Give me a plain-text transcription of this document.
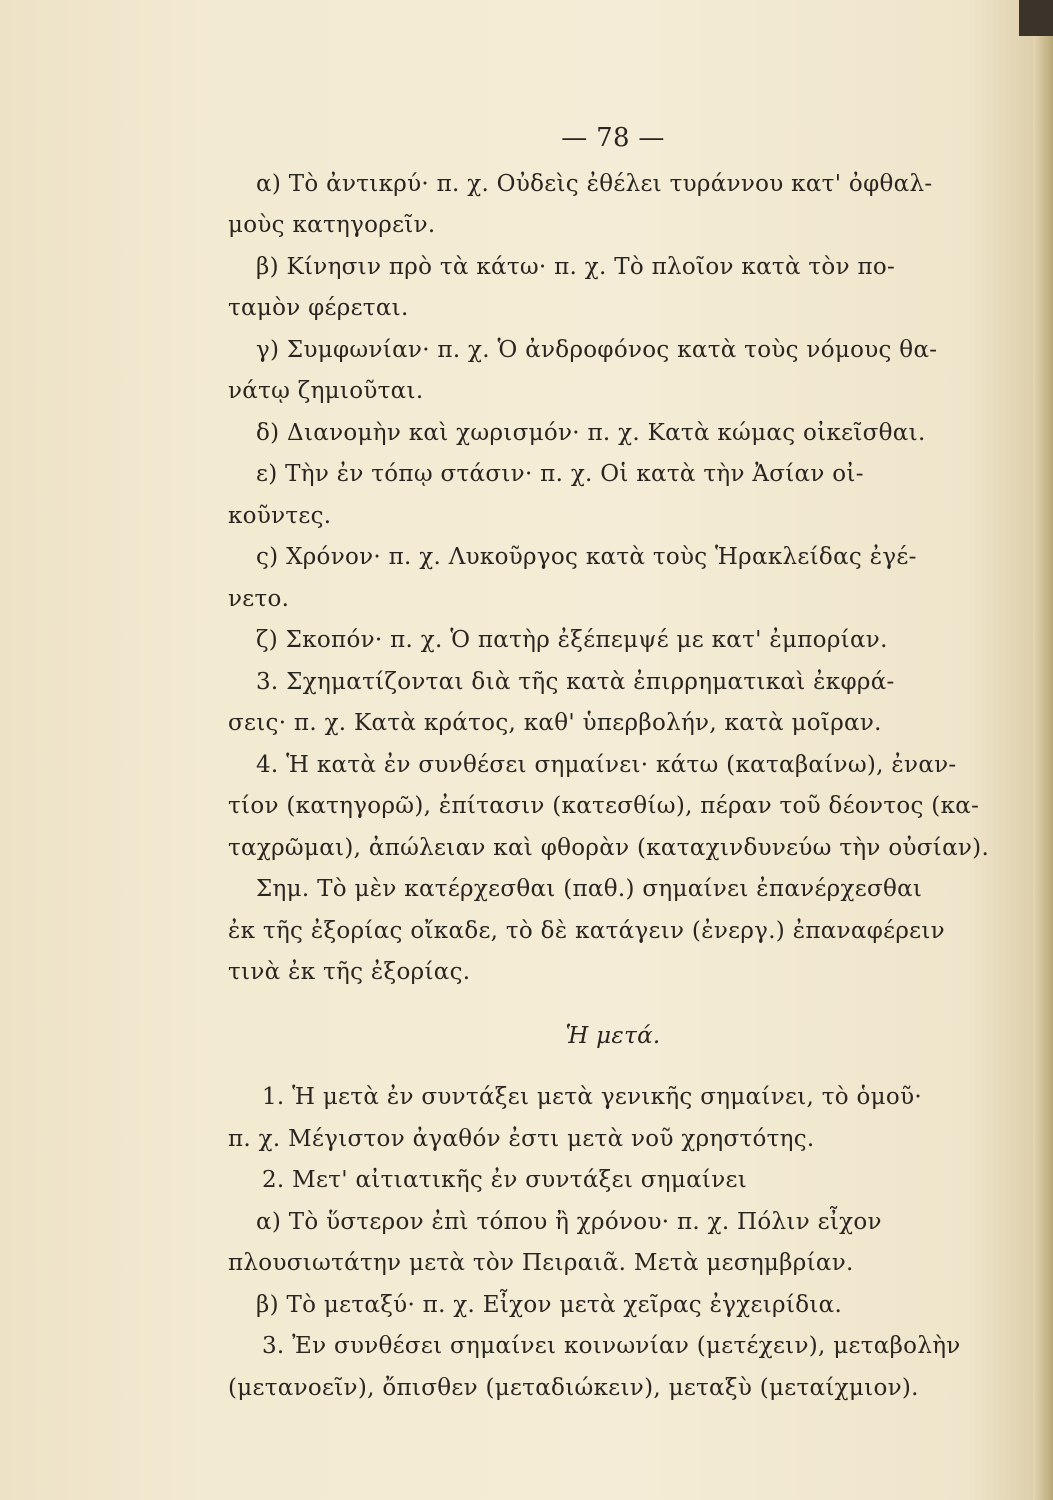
— 78 —
α) Τὸ ἀντικρύ· π. χ. Οὐδεὶς ἐθέλει τυράννου κατ' ὀφθαλ-
μοὺς κατηγορεῖν.
β) Κίνησιν πρὸ τὰ κάτω· π. χ. Τὸ πλοῖον κατὰ τὸν πο-
ταμὸν φέρεται.
γ) Συμφωνίαν· π. χ. Ὁ ἀνδροφόνος κατὰ τοὺς νόμους θα-
νάτῳ ζημιοῦται.
δ) Διανομὴν καὶ χωρισμόν· π. χ. Κατὰ κώμας οἰκεῖσθαι.
ε) Τὴν ἐν τόπῳ στάσιν· π. χ. Οἱ κατὰ τὴν Ἀσίαν οἰ-
κοῦντες.
ς) Χρόνον· π. χ. Λυκοῦργος κατὰ τοὺς Ἡρακλείδας ἐγέ-
νετο.
ζ) Σκοπόν· π. χ. Ὁ πατὴρ ἐξέπεμψέ με κατ' ἐμπορίαν.
3. Σχηματίζονται διὰ τῆς κατὰ ἐπιρρηματικαὶ ἐκφρά-
σεις· π. χ. Κατὰ κράτος, καθ' ὑπερβολήν, κατὰ μοῖραν.
4. Ἡ κατὰ ἐν συνθέσει σημαίνει· κάτω (καταβαίνω), ἐναν-
τίον (κατηγορῶ), ἐπίτασιν (κατεσθίω), πέραν τοῦ δέοντος (κα-
ταχρῶμαι), ἀπώλειαν καὶ φθορὰν (καταχινδυνεύω τὴν οὐσίαν).
Σημ. Τὸ μὲν κατέρχεσθαι (παθ.) σημαίνει ἐπανέρχεσθαι
ἐκ τῆς ἐξορίας οἴκαδε, τὸ δὲ κατάγειν (ἐνεργ.) ἐπαναφέρειν
τινὰ ἐκ τῆς ἐξορίας.
Ἡ μετά.
1. Ἡ μετὰ ἐν συντάξει μετὰ γενικῆς σημαίνει, τὸ ὁμοῦ·
π. χ. Μέγιστον ἀγαθόν ἐστι μετὰ νοῦ χρηστότης.
2. Μετ' αἰτιατικῆς ἐν συντάξει σημαίνει
α) Τὸ ὕστερον ἐπὶ τόπου ἢ χρόνου· π. χ. Πόλιν εἶχον
πλουσιωτάτην μετὰ τὸν Πειραιᾶ. Μετὰ μεσημβρίαν.
β) Τὸ μεταξύ· π. χ. Εἶχον μετὰ χεῖρας ἐγχειρίδια.
3. Ἐν συνθέσει σημαίνει κοινωνίαν (μετέχειν), μεταβολὴν
(μετανοεῖν), ὄπισθεν (μεταδιώκειν), μεταξὺ (μεταίχμιον).
